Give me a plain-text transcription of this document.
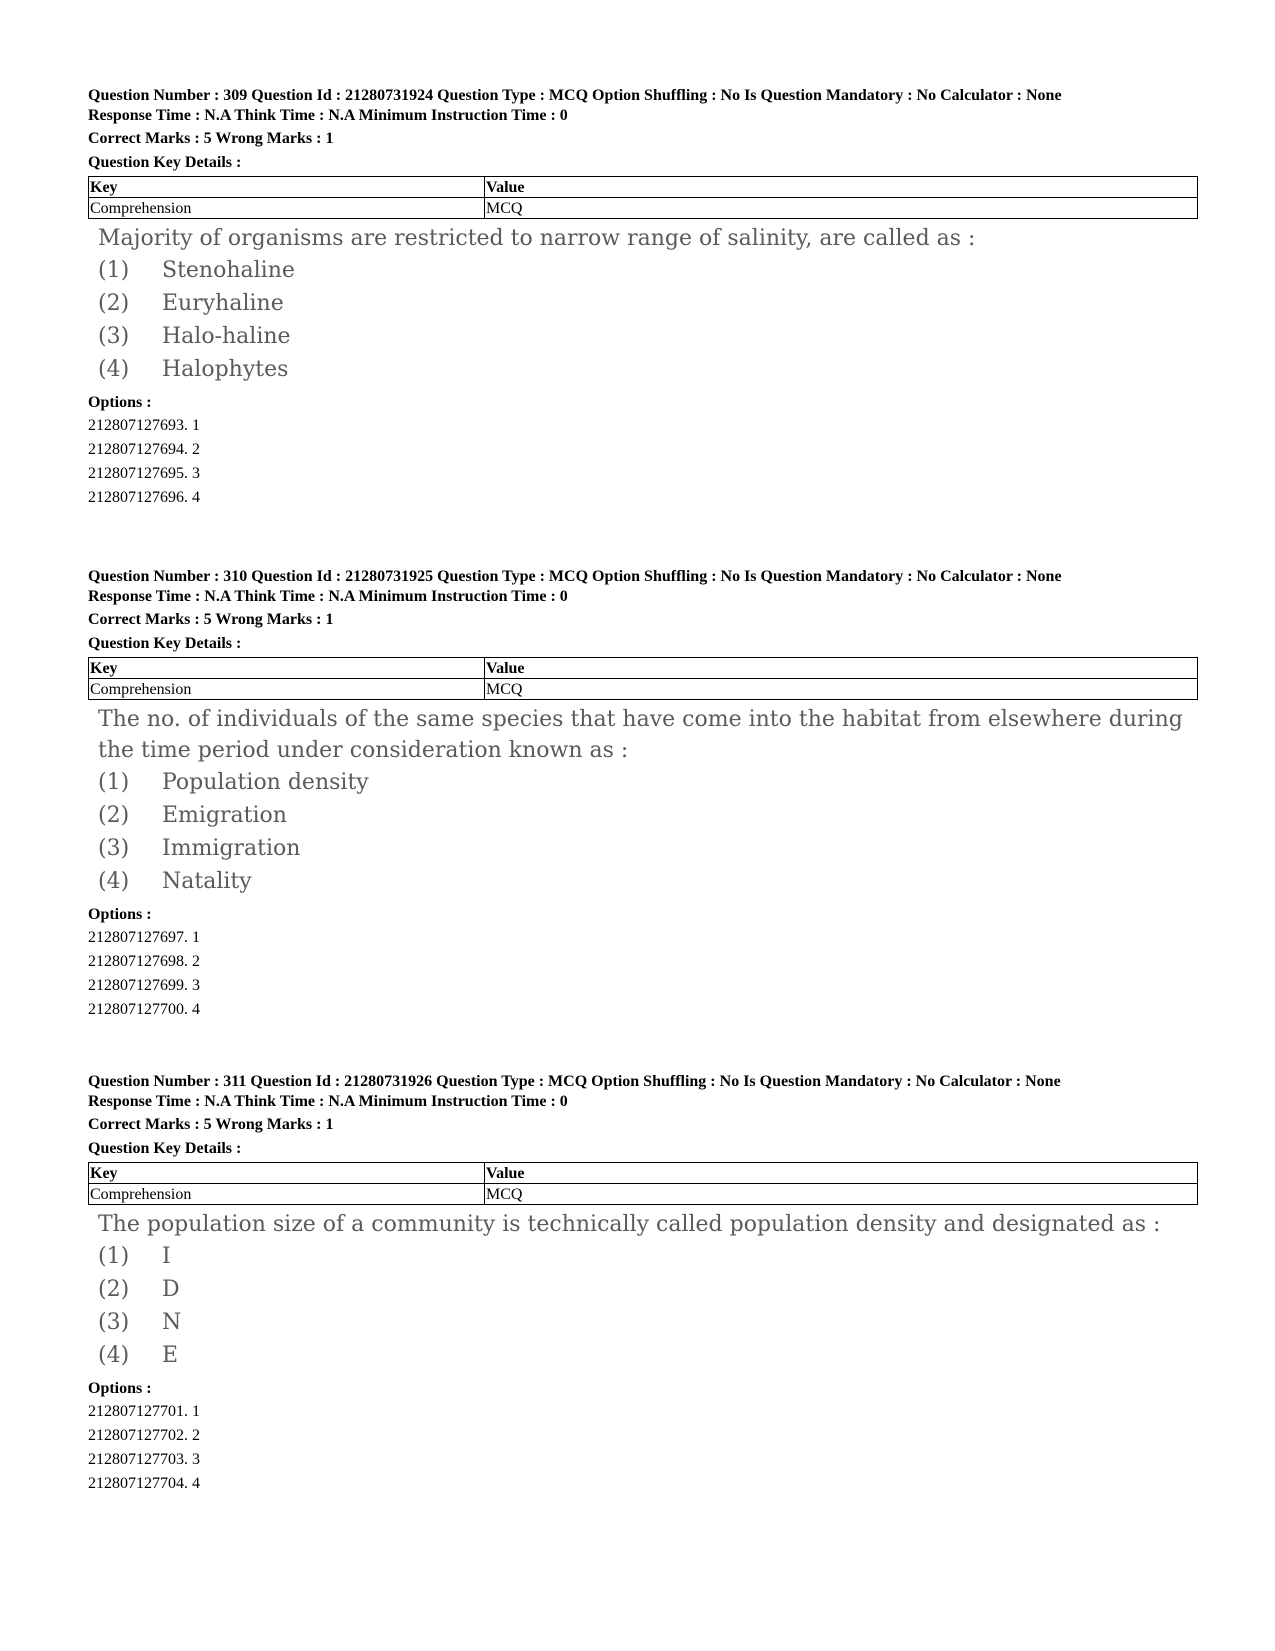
Question Number : 309 Question Id : 21280731924 Question Type : MCQ Option Shuffling : No Is Question Mandatory : No Calculator : None
Response Time : N.A Think Time : N.A Minimum Instruction Time : 0
Correct Marks : 5 Wrong Marks : 1
Question Key Details :
Key	Value
Comprehension	MCQ
Majority of organisms are restricted to narrow range of salinity, are called as :
(1)	Stenohaline
(2)	Euryhaline
(3)	Halo-haline
(4)	Halophytes
Options :
212807127693. 1
212807127694. 2
212807127695. 3
212807127696. 4
Question Number : 310 Question Id : 21280731925 Question Type : MCQ Option Shuffling : No Is Question Mandatory : No Calculator : None
Response Time : N.A Think Time : N.A Minimum Instruction Time : 0
Correct Marks : 5 Wrong Marks : 1
Question Key Details :
Key	Value
Comprehension	MCQ
The no. of individuals of the same species that have come into the habitat from elsewhere during the time period under consideration known as :
(1)	Population density
(2)	Emigration
(3)	Immigration
(4)	Natality
Options :
212807127697. 1
212807127698. 2
212807127699. 3
212807127700. 4
Question Number : 311 Question Id : 21280731926 Question Type : MCQ Option Shuffling : No Is Question Mandatory : No Calculator : None
Response Time : N.A Think Time : N.A Minimum Instruction Time : 0
Correct Marks : 5 Wrong Marks : 1
Question Key Details :
Key	Value
Comprehension	MCQ
The population size of a community is technically called population density and designated as :
(1)	I
(2)	D
(3)	N
(4)	E
Options :
212807127701. 1
212807127702. 2
212807127703. 3
212807127704. 4
